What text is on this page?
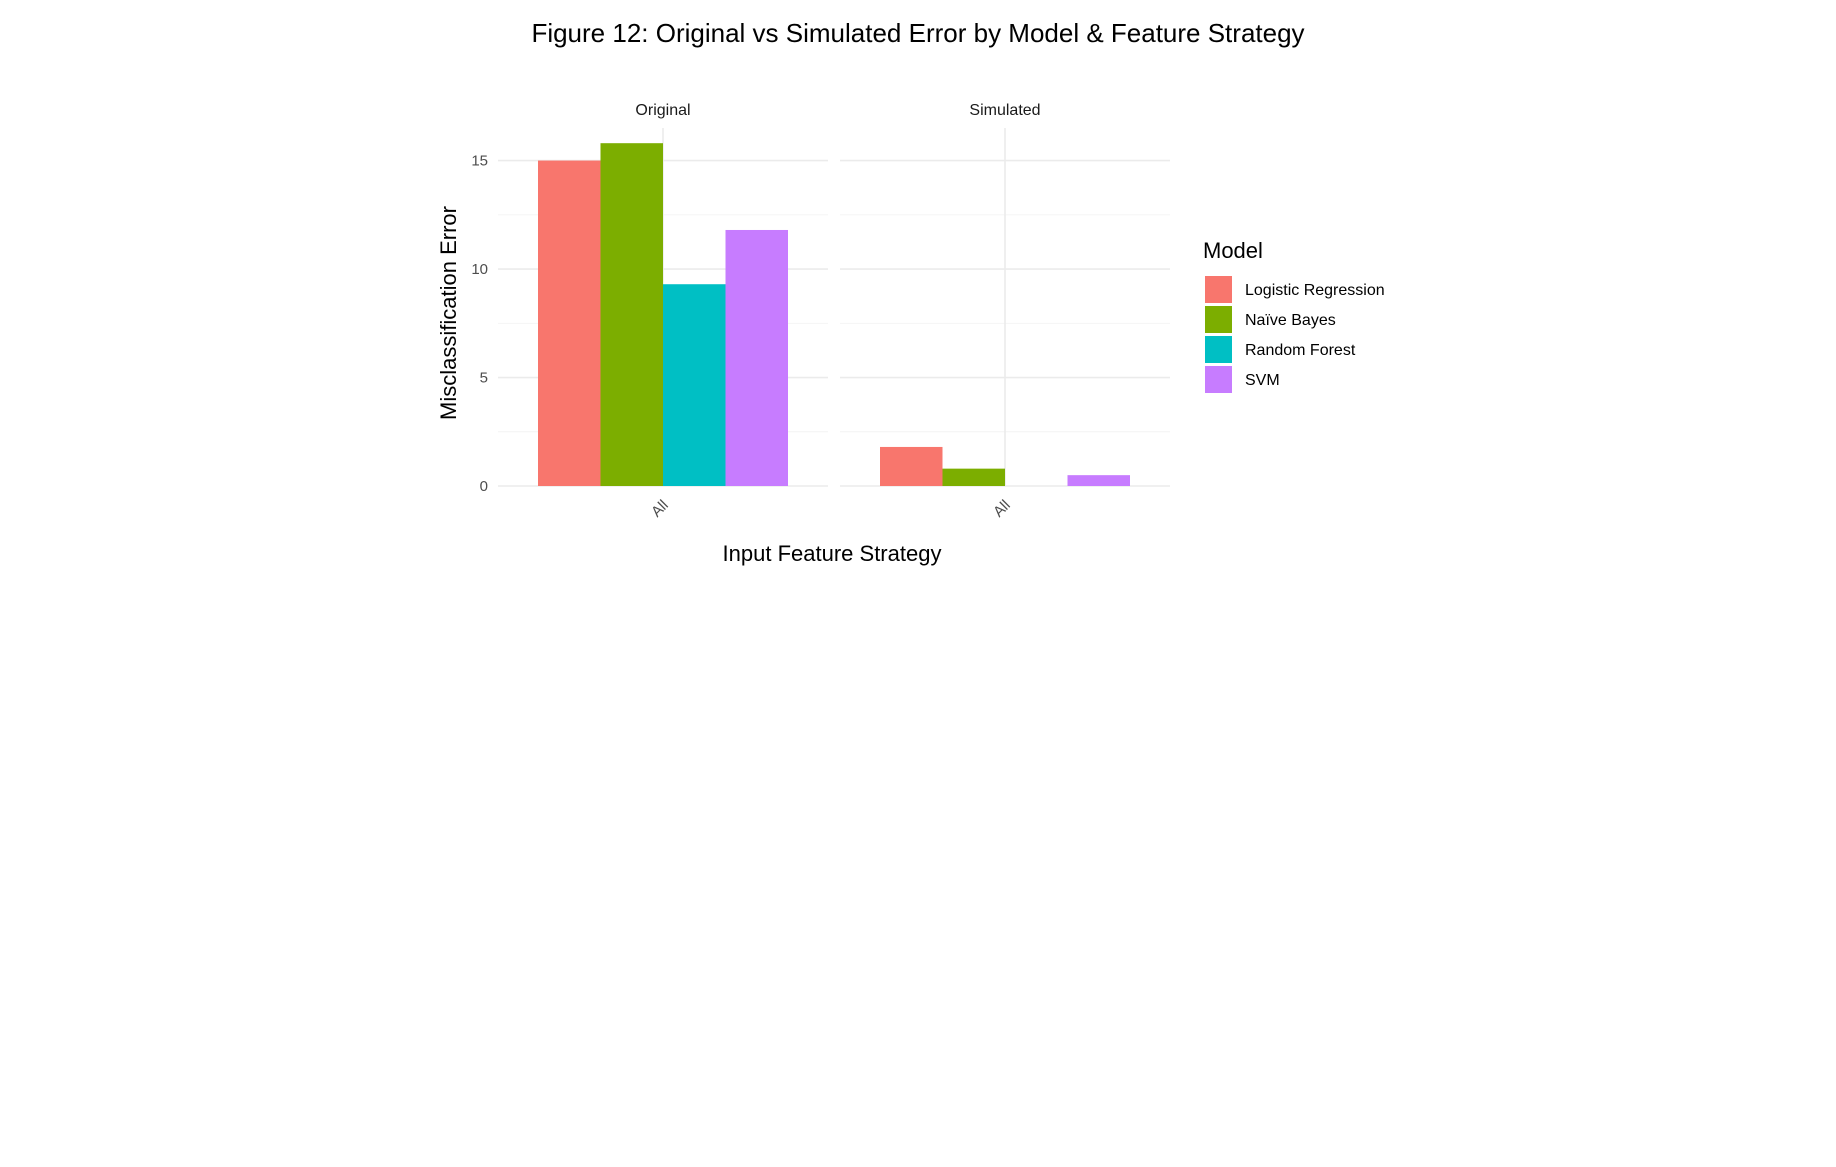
Figure 12: Original vs Simulated Error by Model & Feature Strategy
Original
All
0
5
10
15
Simulated
All
Misclassification Error
Input Feature Strategy
Model
Logistic Regression
Naïve Bayes
Random Forest
SVM
